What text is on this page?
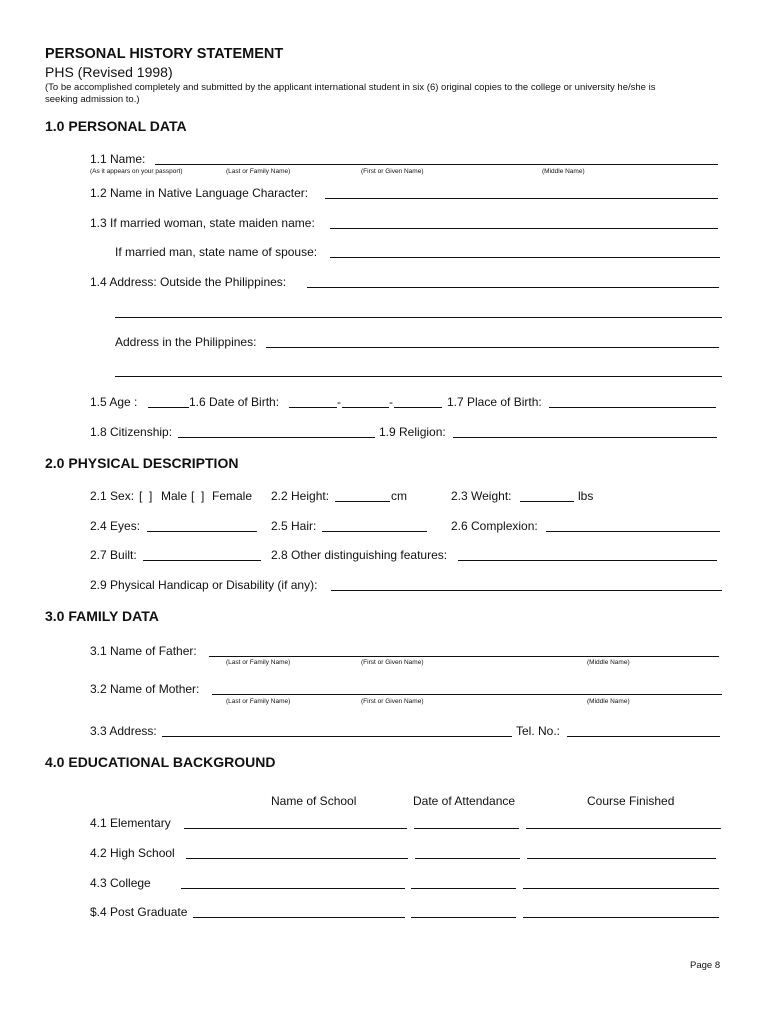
PERSONAL HISTORY STATEMENT
PHS (Revised 1998)
(To be accomplished completely and submitted by the applicant international student in six (6) original copies to the college or university he/she is
seeking admission to.)
1.0 PERSONAL DATA
1.1 Name:
(As it appears on your passport)	(Last or Family Name)	(First or Given Name)	(Middle Name)
1.2 Name in Native Language Character:
1.3 If married woman, state maiden name:
If married man, state name of spouse:
1.4 Address: Outside the Philippines:
Address in the Philippines:
1.5 Age :	1.6 Date of Birth:	-	-	1.7 Place of Birth:
1.8 Citizenship:	1.9 Religion:
2.0 PHYSICAL DESCRIPTION
2.1 Sex: [  ] Male [  ] Female 2.2 Height:	cm	2.3 Weight:	lbs
2.4 Eyes:	2.5 Hair:	2.6 Complexion:
2.7 Built:	2.8 Other distinguishing features:
2.9 Physical Handicap or Disability (if any):
3.0 FAMILY DATA
3.1 Name of Father:
(Last or Family Name)	(First or Given Name)	(Middle Name)
3.2 Name of Mother:
(Last or Family Name)	(First or Given Name)	(Middle Name)
3.3 Address:	Tel. No.:
4.0 EDUCATIONAL BACKGROUND
Name of School	Date of Attendance	Course Finished
4.1 Elementary
4.2 High School
4.3 College
$.4 Post Graduate
Page 8
